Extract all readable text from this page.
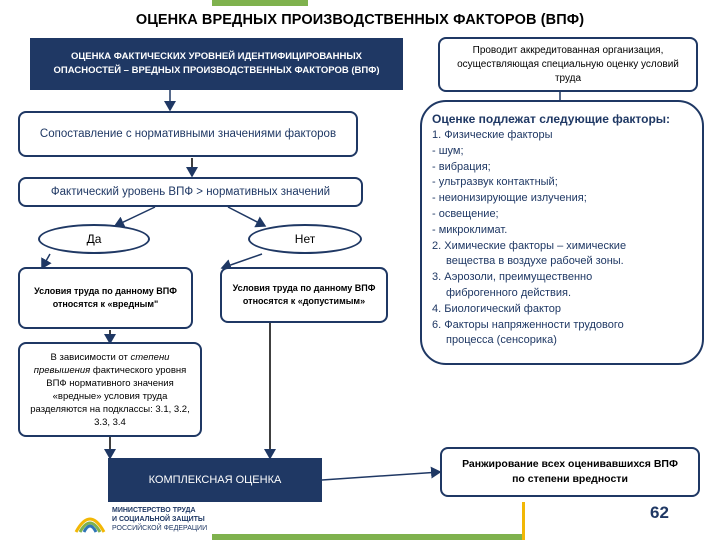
ОЦЕНКА ВРЕДНЫХ ПРОИЗВОДСТВЕННЫХ ФАКТОРОВ (ВПФ)
ОЦЕНКА ФАКТИЧЕСКИХ УРОВНЕЙ ИДЕНТИФИЦИРОВАННЫХ ОПАСНОСТЕЙ – ВРЕДНЫХ ПРОИЗВОДСТВЕННЫХ ФАКТОРОВ (ВПФ)
Проводит аккредитованная организация, осуществляющая специальную оценку условий труда
Сопоставление с нормативными значениями факторов
Фактический уровень ВПФ > нормативных значений
Да	Нет
Условия труда по данному ВПФ относятся к «вредным"
Условия труда по данному ВПФ относятся к «допустимым»
В зависимости от степени превышения фактического уровня ВПФ нормативного значения «вредные» условия труда разделяются на подклассы: 3.1, 3.2, 3.3, 3.4
Оценке подлежат следующие факторы:
1. Физические факторы
- шум;
- вибрация;
- ультразвук контактный;
- неионизирующие излучения;
- освещение;
- микроклимат.
2. Химические факторы – химические
вещества в воздухе рабочей зоны.
3. Аэрозоли, преимущественно
фиброгенного действия.
4. Биологический фактор
6. Факторы напряженности трудового
процесса (сенсорика)
КОМПЛЕКСНАЯ ОЦЕНКА
Ранжирование всех оценивавшихся ВПФ по степени вредности
МИНИСТЕРСТВО ТРУДА
И СОЦИАЛЬНОЙ ЗАЩИТЫ
РОССИЙСКОЙ ФЕДЕРАЦИИ
62
